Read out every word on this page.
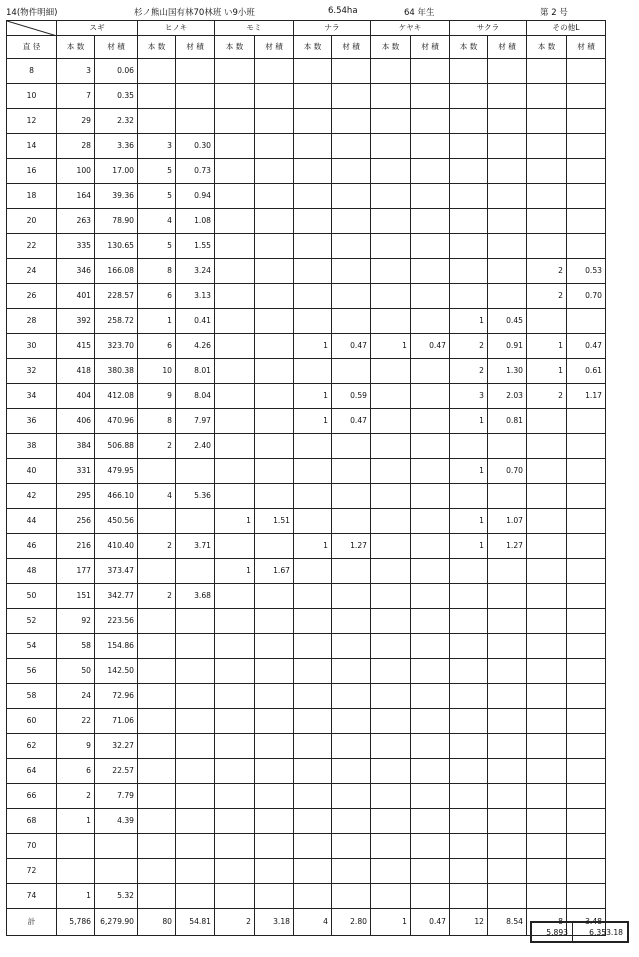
14(物件明細)	杉ノ熊山国有林70林班 い9小班	6.54ha	64 年生	第 2 号
	スギ		ヒノキ		モミ		ナラ		ケヤキ		サクラ		その他L	
直 径	本 数	材 積	本 数	材 積	本 数	材 積	本 数	材 積	本 数	材 積	本 数	材 積	本 数	材 積
8	3	0.06												
10	7	0.35												
12	29	2.32												
14	28	3.36	3	0.30										
16	100	17.00	5	0.73										
18	164	39.36	5	0.94										
20	263	78.90	4	1.08										
22	335	130.65	5	1.55										
24	346	166.08	8	3.24									2	0.53
26	401	228.57	6	3.13									2	0.70
28	392	258.72	1	0.41							1	0.45		
30	415	323.70	6	4.26			1	0.47	1	0.47	2	0.91	1	0.47
32	418	380.38	10	8.01							2	1.30	1	0.61
34	404	412.08	9	8.04			1	0.59			3	2.03	2	1.17
36	406	470.96	8	7.97			1	0.47			1	0.81		
38	384	506.88	2	2.40										
40	331	479.95									1	0.70		
42	295	466.10	4	5.36										
44	256	450.56			1	1.51					1	1.07		
46	216	410.40	2	3.71			1	1.27			1	1.27		
48	177	373.47			1	1.67								
50	151	342.77	2	3.68										
52	92	223.56												
54	58	154.86												
56	50	142.50												
58	24	72.96												
60	22	71.06												
62	9	32.27												
64	6	22.57												
66	2	7.79												
68	1	4.39												
70														
72														
74	1	5.32												
計	5,786	6,279.90	80	54.81	2	3.18	4	2.80	1	0.47	12	8.54	8	3.48
5,893	6,353.18
